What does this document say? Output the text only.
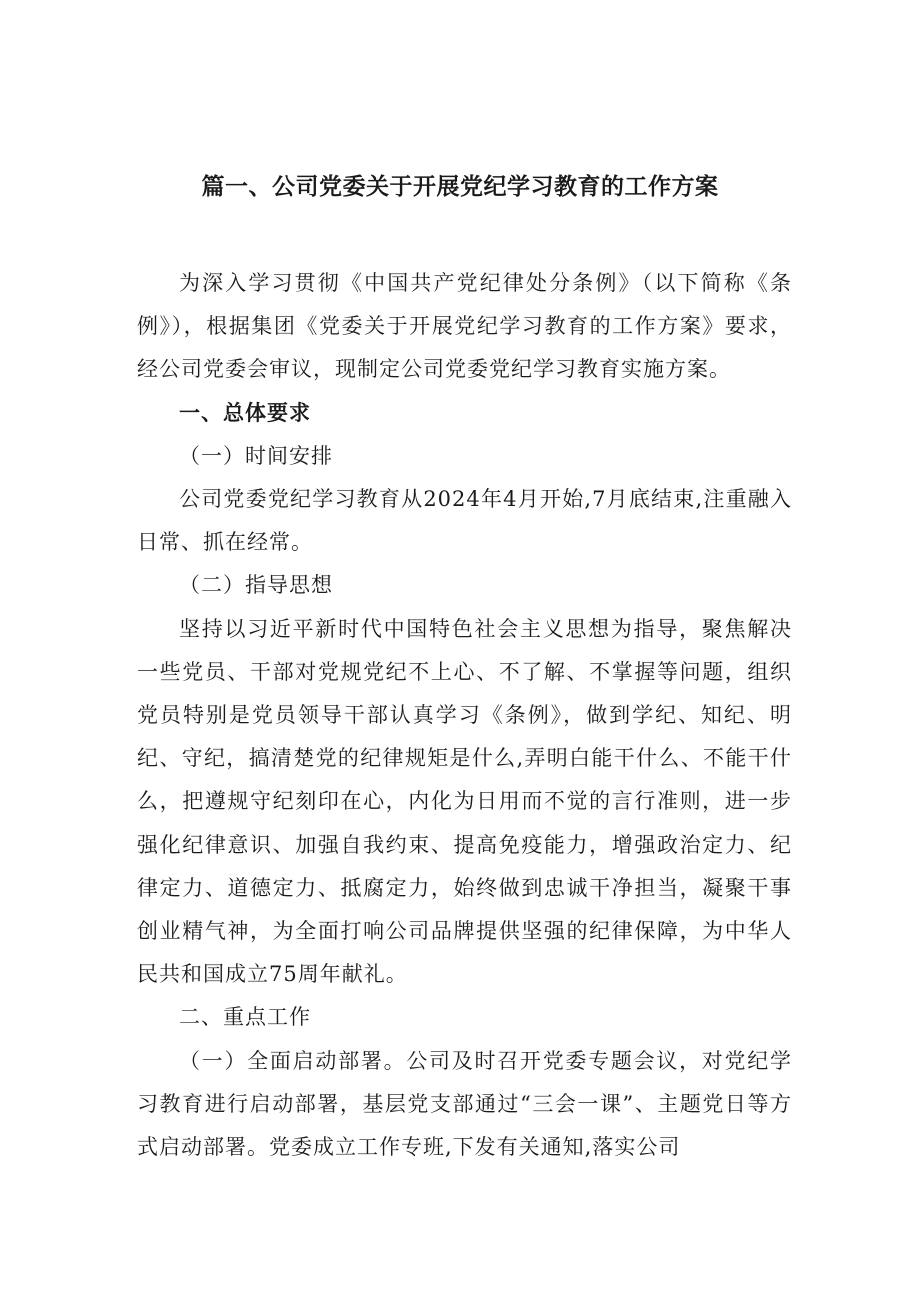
篇一、公司党委关于开展党纪学习教育的工作方案

为深入学习贯彻《中国共产党纪律处分条例》（以下简称《条例》），根据集团《党委关于开展党纪学习教育的工作方案》要求，经公司党委会审议，现制定公司党委党纪学习教育实施方案。

一、总体要求

（一）时间安排

公司党委党纪学习教育从2024年4月开始,7月底结束,注重融入日常、抓在经常。

（二）指导思想

坚持以习近平新时代中国特色社会主义思想为指导，聚焦解决一些党员、干部对党规党纪不上心、不了解、不掌握等问题，组织党员特别是党员领导干部认真学习《条例》，做到学纪、知纪、明纪、守纪，搞清楚党的纪律规矩是什么,弄明白能干什么、不能干什么，把遵规守纪刻印在心，内化为日用而不觉的言行准则，进一步强化纪律意识、加强自我约束、提高免疫能力，增强政治定力、纪律定力、道德定力、抵腐定力，始终做到忠诚干净担当，凝聚干事创业精气神，为全面打响公司品牌提供坚强的纪律保障，为中华人民共和国成立75周年献礼。

二、重点工作

（一）全面启动部署。公司及时召开党委专题会议，对党纪学习教育进行启动部署，基层党支部通过“三会一课”、主题党日等方式启动部署。党委成立工作专班,下发有关通知,落实公司
